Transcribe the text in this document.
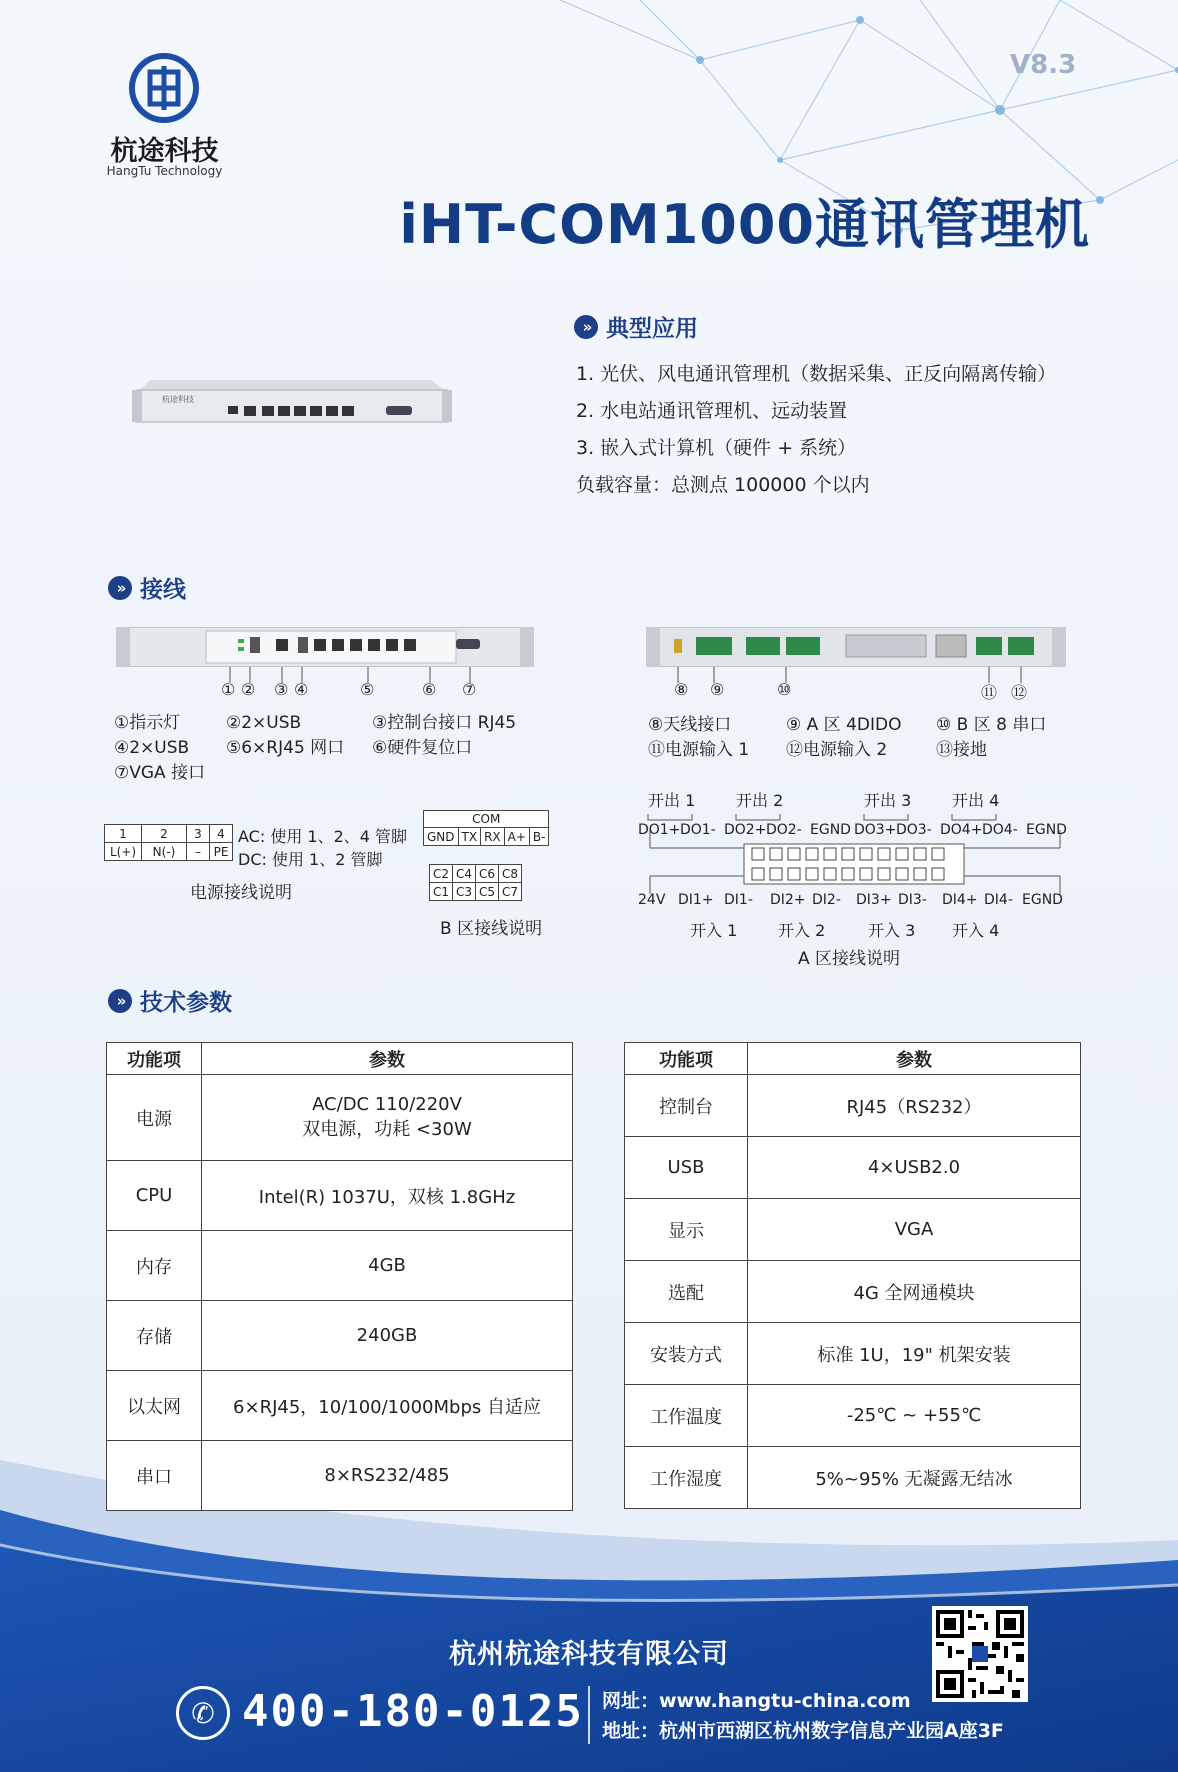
杭途科技
HangTu Technology
V8.3
iHT-COM1000通讯管理机
杭途科技
» 典型应用
1. 光伏、风电通讯管理机（数据采集、正反向隔离传输）
2. 水电站通讯管理机、远动装置
3. 嵌入式计算机（硬件 + 系统）
负载容量：总测点 100000 个以内
» 接线
① ② ③ ④	⑤	⑥ ⑦
①指示灯	②2×USB	③控制台接口 RJ45
④2×USB ⑤6×RJ45 网口 ⑥硬件复位口
⑦VGA 接口
⑧ ⑨	⑩	⑪ ⑫
⑧天线接口	⑨ A 区 4DIDO ⑩ B 区 8 串口
⑪电源输入 1 ⑫电源输入 2	⑬接地
1	2	3	4
L(+)	N(-)	–	PE
AC: 使用 1、2、4 管脚
DC: 使用 1、2 管脚
电源接线说明
COM
GND	TX	RX	A+	B-
C2	C4	C6	C8
C1	C3	C5	C7
B 区接线说明
开出 1	开出 2	开出 3	开出 4
DO1+ DO1- DO2+ DO2- EGND DO3+ DO3- DO4+ DO4- EGND
24V DI1+ DI1- DI2+ DI2- DI3+ DI3- DI4+ DI4- EGND
开入 1	开入 2	开入 3 开入 4
A 区接线说明
» 技术参数
功能项	参数
电源	AC/DC 110/220V
双电源，功耗 <30W

CPU	Intel(R) 1037U，双核 1.8GHz
内存	4GB
存储	240GB
以太网	6×RJ45，10/100/1000Mbps 自适应
串口	8×RS232/485
功能项	参数
控制台	RJ45（RS232）
USB	4×USB2.0
显示	VGA
选配	4G 全网通模块
安装方式	标准 1U，19" 机架安装
工作温度	-25℃ ~ +55℃
工作湿度	5%~95% 无凝露无结冰
杭州杭途科技有限公司
✆ 400-180-0125 网址：www.hangtu-china.com
地址：杭州市西湖区杭州数字信息产业园A座3F
